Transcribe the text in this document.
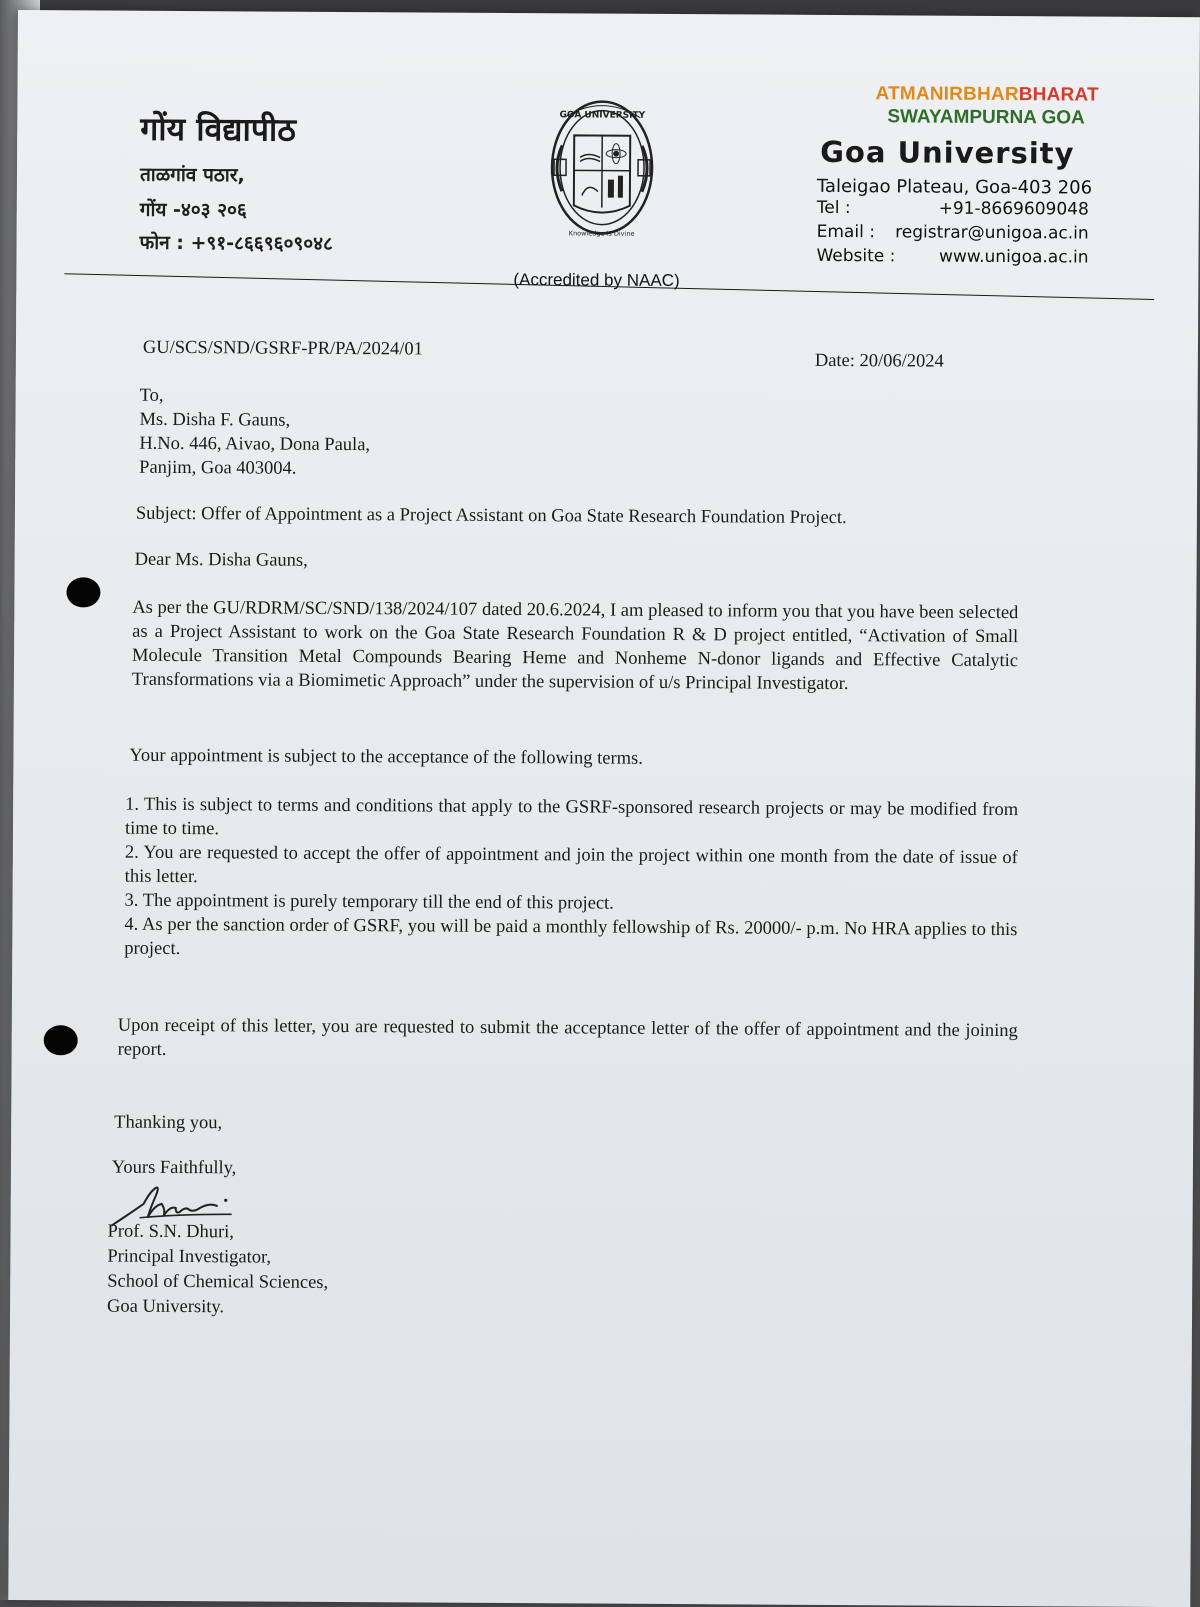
गोंय विद्यापीठ
ताळगांव पठार,
गोंय -४०३ २०६
फोन : +९१-८६६९६०९०४८
GOA UNIVERSITY
Knowledge is Divine
(Accredited by NAAC)
ATMANIRBHARBHARAT
SWAYAMPURNA GOA
Goa University
Taleigao Plateau, Goa-403 206
Tel :	+91-8669609048
Email : registrar@unigoa.ac.in
Website :	www.unigoa.ac.in
GU/SCS/SND/GSRF-PR/PA/2024/01
Date: 20/06/2024
To,
Ms. Disha F. Gauns,
H.No. 446, Aivao, Dona Paula,
Panjim, Goa 403004.
Subject: Offer of Appointment as a Project Assistant on Goa State Research Foundation Project.
Dear Ms. Disha Gauns,
As per the GU/RDRM/SC/SND/138/2024/107 dated 20.6.2024, I am pleased to inform you that you have been selected as a Project Assistant to work on the Goa State Research Foundation R & D project entitled, “Activation of Small Molecule Transition Metal Compounds Bearing Heme and Nonheme N-donor ligands and Effective Catalytic Transformations via a Biomimetic Approach” under the supervision of u/s Principal Investigator.
Your appointment is subject to the acceptance of the following terms.
1. This is subject to terms and conditions that apply to the GSRF-sponsored research projects or may be modified from time to time.
2. You are requested to accept the offer of appointment and join the project within one month from the date of issue of this letter.
3. The appointment is purely temporary till the end of this project.
4. As per the sanction order of GSRF, you will be paid a monthly fellowship of Rs. 20000/- p.m. No HRA applies to this project.
Upon receipt of this letter, you are requested to submit the acceptance letter of the offer of appointment and the joining report.
Thanking you,
Yours Faithfully,
Prof. S.N. Dhuri,
Principal Investigator,
School of Chemical Sciences,
Goa University.
